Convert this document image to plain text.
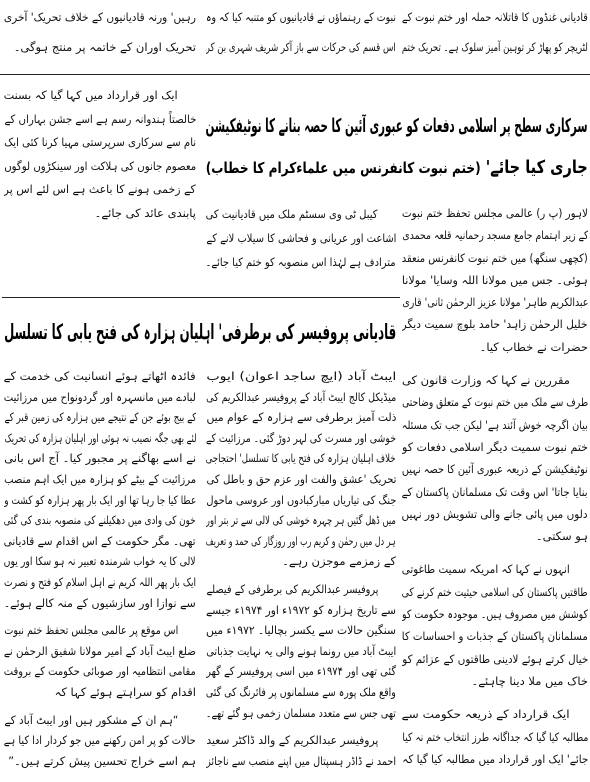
قادیانی غنڈوں کا قاتلانہ حملہ اور ختم نبوت کے
لٹریچر کو پھاڑ کر توہین آمیز سلوک ہے۔ تحریک ختم
نبوت کے رہنماؤں نے قادیانیوں کو متنبہ کیا کہ وہ
اس قسم کی حرکات سے باز آکر شریف شہری بن کر
رہیں' ورنہ قادیانیوں کے خلاف تحریک' آخری
تحریک اوران کے خاتمہ پر منتج ہوگی۔
سرکاری سطح پر اسلامی دفعات کو عبوری آئین کا حصہ بنانے کا نوٹیفکیشن
جاری کیا جائے' (ختم نبوت کانفرنس میں علماءکرام کا خطاب)
لاہور (پ ر) عالمی مجلس تحفظ ختم نبوت
کے زیر اہتمام جامع مسجد رحمانیہ قلعہ محمدی
(کچھی سنگھ) میں ختم نبوت کانفرنس منعقد
ہوئی۔ جس میں مولانا اللہ وسایا' مولانا
عبدالکریم طاہر' مولانا عزیز الرحمٰن ثانی' قاری
خلیل الرحمٰن زاہد' حامد بلوچ سمیت دیگر
حضرات نے خطاب کیا۔
مقررین نے کہا کہ وزارت قانون کی
طرف سے ملک میں ختم نبوت کے متعلق وضاحتی
بیان اگرچہ خوش آئند ہے' لیکن جب تک مسئلہ
ختم نبوت سمیت دیگر اسلامی دفعات کو
نوٹیفکیشن کے ذریعہ عبوری آئین کا حصہ نہیں
بنایا جاتا' اس وقت تک مسلمانان پاکستان کے
دلوں میں پائی جانے والی تشویش دور نہیں
ہو سکتی۔
انہوں نے کہا کہ امریکہ سمیت طاغوتی
طاقتیں پاکستان کی اسلامی حیثیت ختم کرنے کی
کوشش میں مصروف ہیں۔ موجودہ حکومت کو
مسلمانان پاکستان کے جذبات و احساسات کا
خیال کرتے ہوئے لادینی طاقتوں کے عزائم کو
خاک میں ملا دینا چاہئے۔
ایک قرارداد کے ذریعہ حکومت سے
مطالبہ کیا گیا کہ جداگانہ طرز انتخاب ختم نہ کیا
جائے' ایک اور قرارداد میں مطالبہ کیا گیا کہ
کیبل ٹی وی سسٹم ملک میں قادیانیت کی
اشاعت اور عریانی و فحاشی کا سیلاب لانے کے
مترادف ہے لہٰذا اس منصوبہ کو ختم کیا جائے۔
ایک اور قرارداد میں کہا گیا کہ بسنت
خالصتاً ہندوانہ رسم ہے اسے جشن بہاراں کے
نام سے سرکاری سرپرستی مہیا کرنا کئی ایک
معصوم جانوں کی ہلاکت اور سینکڑوں لوگوں
کے زخمی ہونے کا باعث ہے اس لئے اس پر
پابندی عائد کی جائے۔
قادیانی پروفیسر کی برطرفی' اہلیان ہزارہ کی فتح یابی کا تسلسل
ایبٹ آباد (ایچ ساجد اعوان) ایوب
میڈیکل کالج ایبٹ آباد کے پروفیسر عبدالکریم کی
ذلت آمیز برطرفی سے ہزارہ کے عوام میں
خوشی اور مسرت کی لہر دوڑ گئی۔ مرزائیت کے
خلاف اہلیان ہزارہ کی فتح یابی کا تسلسل' احتجاجی
تحریک 'عشق والفت اور عزم حق و باطل کی
جنگ کی تیاریاں مبارکبادوں اور عروسی ماحول
میں ڈھل گئیں ہر چہرہ خوشی کی لالی سے تر بتر اور
ہر دل میں رحمٰن و کریم رب اور روزگار کی حمد و تعریف
کے زمزمے موجزن رہے۔
پروفیسر عبدالکریم کی برطرفی کے فیصلے
سے تاریخ ہزارہ کو ۱۹۷۲ء اور ۱۹۷۴ء جیسے
سنگین حالات سے یکسر بچالیا۔ ۱۹۷۲ء میں
ایبٹ آباد میں رونما ہونے والی یہ نہایت جذباتی
گئی تھی اور ۱۹۷۴ء میں اسی پروفیسر کے گھر
واقع ملک پورہ سے مسلمانوں پر فائرنگ کی گئی
تھی جس سے متعدد مسلمان زخمی ہو گئے تھے۔
پروفیسر عبدالکریم کے والد ڈاکٹر سعید
احمد نے ڈاڈر ہسپتال میں اپنے منصب سے ناجائز
فائدہ اٹھاتے ہوئے انسانیت کی خدمت کے
لبادے میں مانسہرہ اور گردونواح میں مرزائیت
کے بیج بوئے جن کے نتیجے میں ہزارہ کی زمین قبر کے
لئے بھی جگہ نصیب نہ ہوئی اور اہلیان ہزارہ کی تحریک
نے اسے بھاگنے پر مجبور کیا۔ آج اس بانی
مرزائیت کے بیٹے کو ہزارہ میں ایک اہم منصب
عطا کیا جا رہا تھا اور ایک بار پھر ہزارہ کو کشت و
خون کی وادی میں دھکیلنے کی منصوبہ بندی کی گئی
تھی۔ مگر حکومت کے اس اقدام سے قادیانی
لالی کا یہ خواب شرمندہ تعبیر نہ ہو سکا اور یوں
ایک بار پھر اللہ کریم نے اہل اسلام کو فتح و نصرت
سے نوازا اور سازشیوں کے منہ کالے ہوئے۔
اس موقع پر عالمی مجلس تحفظ ختم نبوت
ضلع ایبٹ آباد کے امیر مولانا شفیق الرحمٰن نے
مقامی انتظامیہ اور صوبائی حکومت کے بروقت
اقدام کو سراہتے ہوئے کہا کہ
“ہم ان کے مشکور ہیں اور ایبٹ آباد کے
حالات کو پر امن رکھنے میں جو کردار ادا کیا ہے
ہم اسے خراج تحسین پیش کرتے ہیں۔”
